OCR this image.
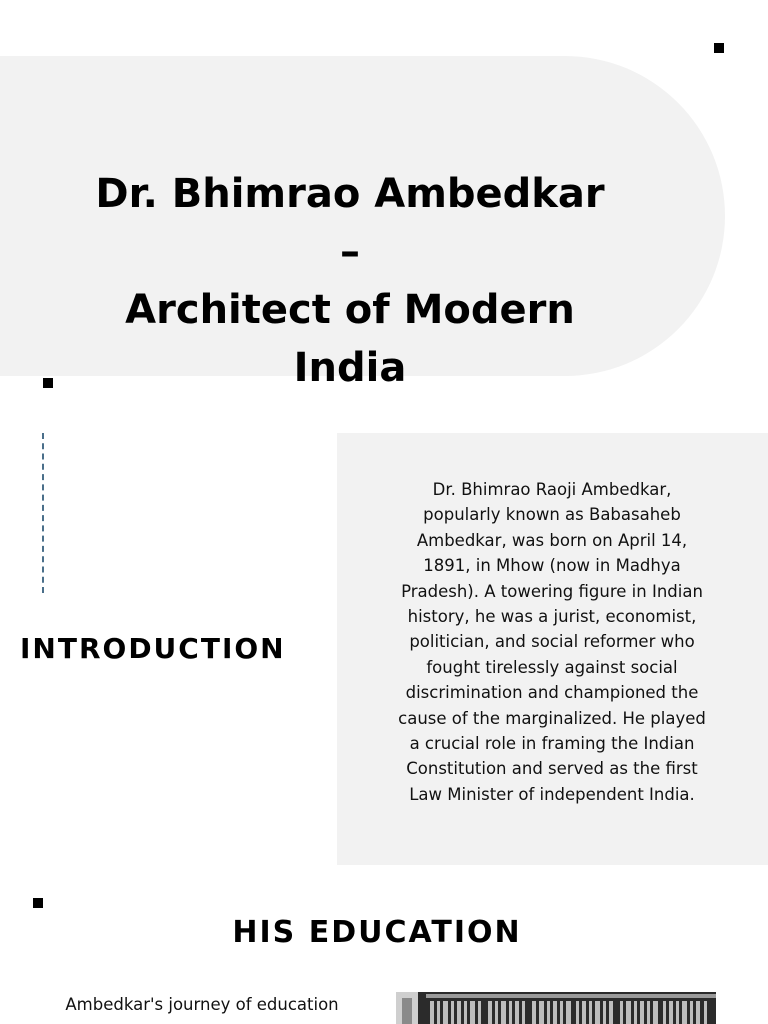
Dr. Bhimrao Ambedkar
–
Architect of Modern
India
INTRODUCTION

Dr. Bhimrao Raoji Ambedkar, popularly known as Babasaheb Ambedkar, was born on April 14, 1891, in Mhow (now in Madhya Pradesh). A towering figure in Indian history, he was a jurist, economist, politician, and social reformer who fought tirelessly against social discrimination and championed the cause of the marginalized. He played a crucial role in framing the Indian Constitution and served as the first Law Minister of independent India.

HIS EDUCATION

Ambedkar's journey of education
